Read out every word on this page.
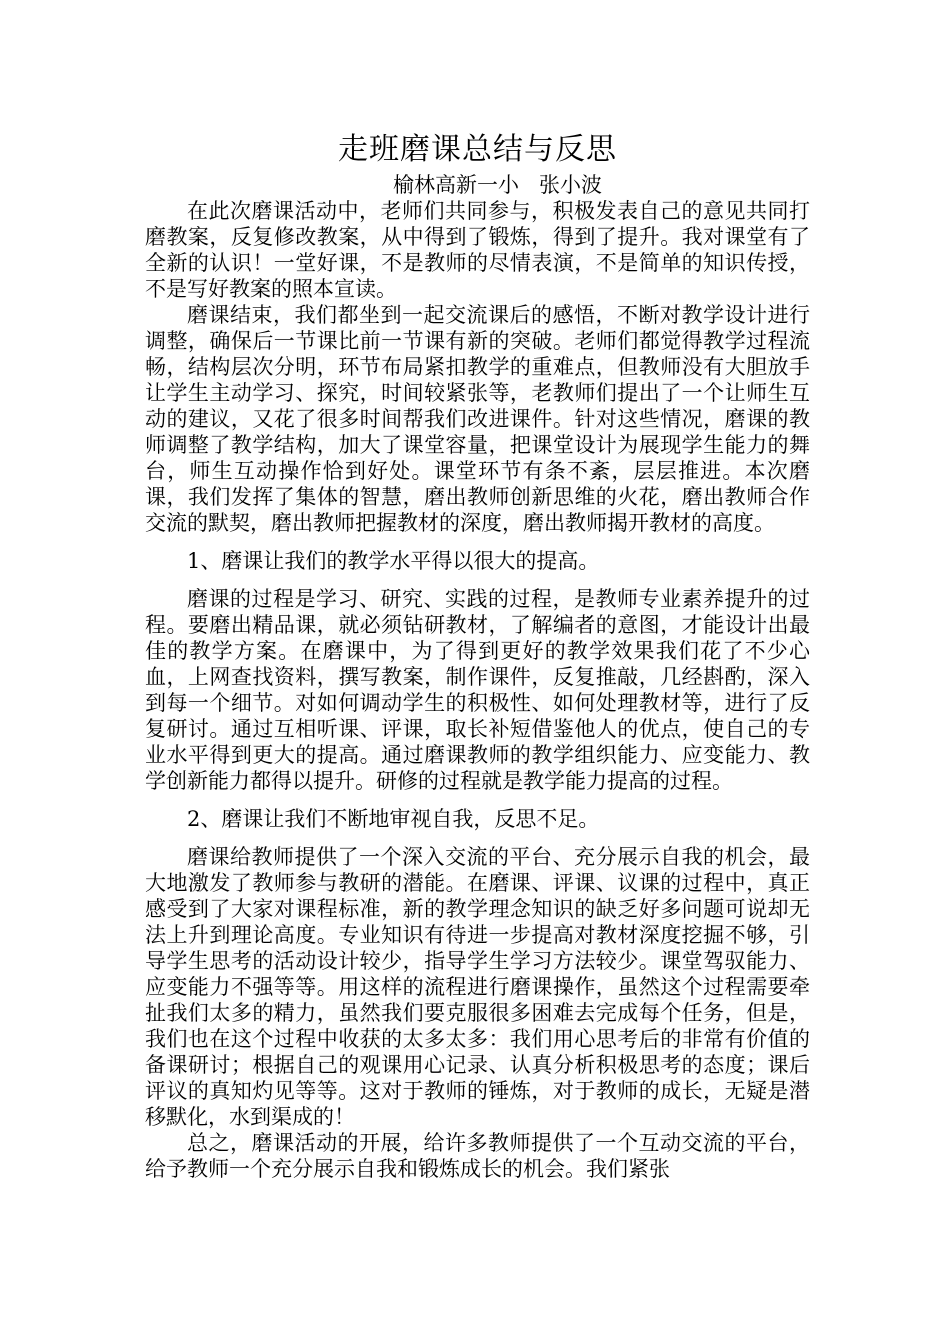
走班磨课总结与反思

榆林高新一小   张小波

在此次磨课活动中，老师们共同参与，积极发表自己的意见共同打磨教案，反复修改教案，从中得到了锻炼，得到了提升。我对课堂有了全新的认识！一堂好课，不是教师的尽情表演，不是简单的知识传授，不是写好教案的照本宣读。

磨课结束，我们都坐到一起交流课后的感悟，不断对教学设计进行调整，确保后一节课比前一节课有新的突破。老师们都觉得教学过程流畅，结构层次分明，环节布局紧扣教学的重难点，但教师没有大胆放手让学生主动学习、探究，时间较紧张等，老教师们提出了一个让师生互动的建议，又花了很多时间帮我们改进课件。针对这些情况，磨课的教师调整了教学结构，加大了课堂容量，把课堂设计为展现学生能力的舞台，师生互动操作恰到好处。课堂环节有条不紊，层层推进。本次磨课，我们发挥了集体的智慧，磨出教师创新思维的火花，磨出教师合作交流的默契，磨出教师把握教材的深度，磨出教师揭开教材的高度。

1、磨课让我们的教学水平得以很大的提高。

磨课的过程是学习、研究、实践的过程，是教师专业素养提升的过程。要磨出精品课，就必须钻研教材，了解编者的意图，才能设计出最佳的教学方案。在磨课中，为了得到更好的教学效果我们花了不少心血，上网查找资料，撰写教案，制作课件，反复推敲，几经斟酌，深入到每一个细节。对如何调动学生的积极性、如何处理教材等，进行了反复研讨。通过互相听课、评课，取长补短借鉴他人的优点，使自己的专业水平得到更大的提高。通过磨课教师的教学组织能力、应变能力、教学创新能力都得以提升。研修的过程就是教学能力提高的过程。

2、磨课让我们不断地审视自我，反思不足。

磨课给教师提供了一个深入交流的平台、充分展示自我的机会，最大地激发了教师参与教研的潜能。在磨课、评课、议课的过程中，真正感受到了大家对课程标准，新的教学理念知识的缺乏好多问题可说却无法上升到理论高度。专业知识有待进一步提高对教材深度挖掘不够，引导学生思考的活动设计较少，指导学生学习方法较少。课堂驾驭能力、应变能力不强等等。用这样的流程进行磨课操作，虽然这个过程需要牵扯我们太多的精力，虽然我们要克服很多困难去完成每个任务，但是，我们也在这个过程中收获的太多太多：我们用心思考后的非常有价值的备课研讨；根据自己的观课用心记录、认真分析积极思考的态度；课后评议的真知灼见等等。这对于教师的锤炼，对于教师的成长，无疑是潜移默化，水到渠成的！

总之，磨课活动的开展，给许多教师提供了一个互动交流的平台，给予教师一个充分展示自我和锻炼成长的机会。我们紧张
